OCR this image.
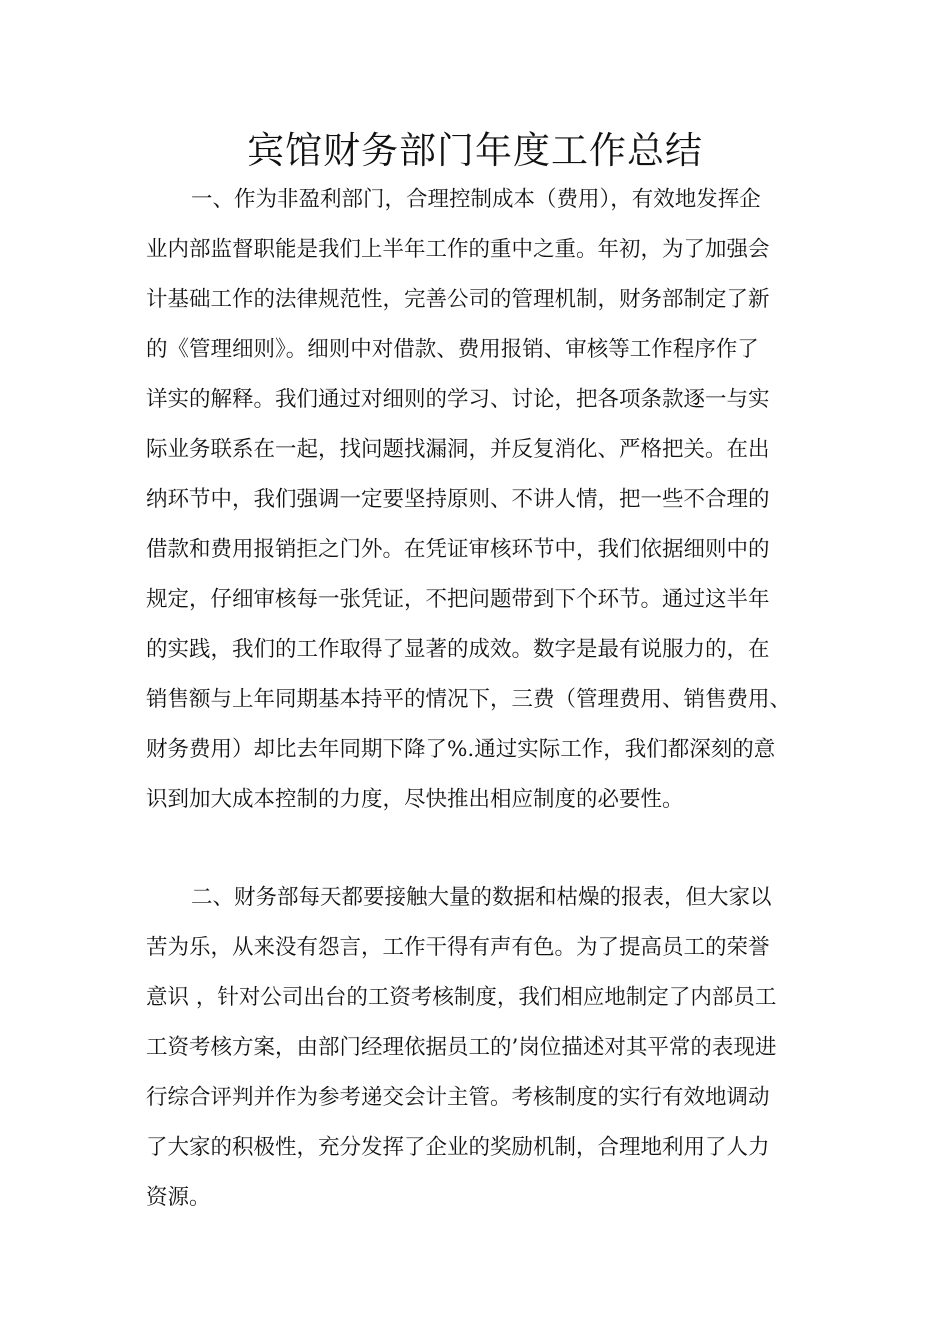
宾馆财务部门年度工作总结
一、作为非盈利部门，合理控制成本（费用），有效地发挥企
业内部监督职能是我们上半年工作的重中之重。年初，为了加强会
计基础工作的法律规范性，完善公司的管理机制，财务部制定了新
的《管理细则》。细则中对借款、费用报销、审核等工作程序作了
详实的解释。我们通过对细则的学习、讨论，把各项条款逐一与实
际业务联系在一起，找问题找漏洞，并反复消化、严格把关。在出
纳环节中，我们强调一定要坚持原则、不讲人情，把一些不合理的
借款和费用报销拒之门外。在凭证审核环节中，我们依据细则中的
规定，仔细审核每一张凭证，不把问题带到下个环节。通过这半年
的实践，我们的工作取得了显著的成效。数字是最有说服力的，在
销售额与上年同期基本持平的情况下，三费（管理费用、销售费用、
财务费用）却比去年同期下降了%.通过实际工作，我们都深刻的意
识到加大成本控制的力度，尽快推出相应制度的必要性。
二、财务部每天都要接触大量的数据和枯燥的报表，但大家以
苦为乐，从来没有怨言，工作干得有声有色。为了提高员工的荣誉
意识 ，针对公司出台的工资考核制度，我们相应地制定了内部员工
工资考核方案，由部门经理依据员工的’岗位描述对其平常的表现进
行综合评判并作为参考递交会计主管。考核制度的实行有效地调动
了大家的积极性，充分发挥了企业的奖励机制，合理地利用了人力
资源。
